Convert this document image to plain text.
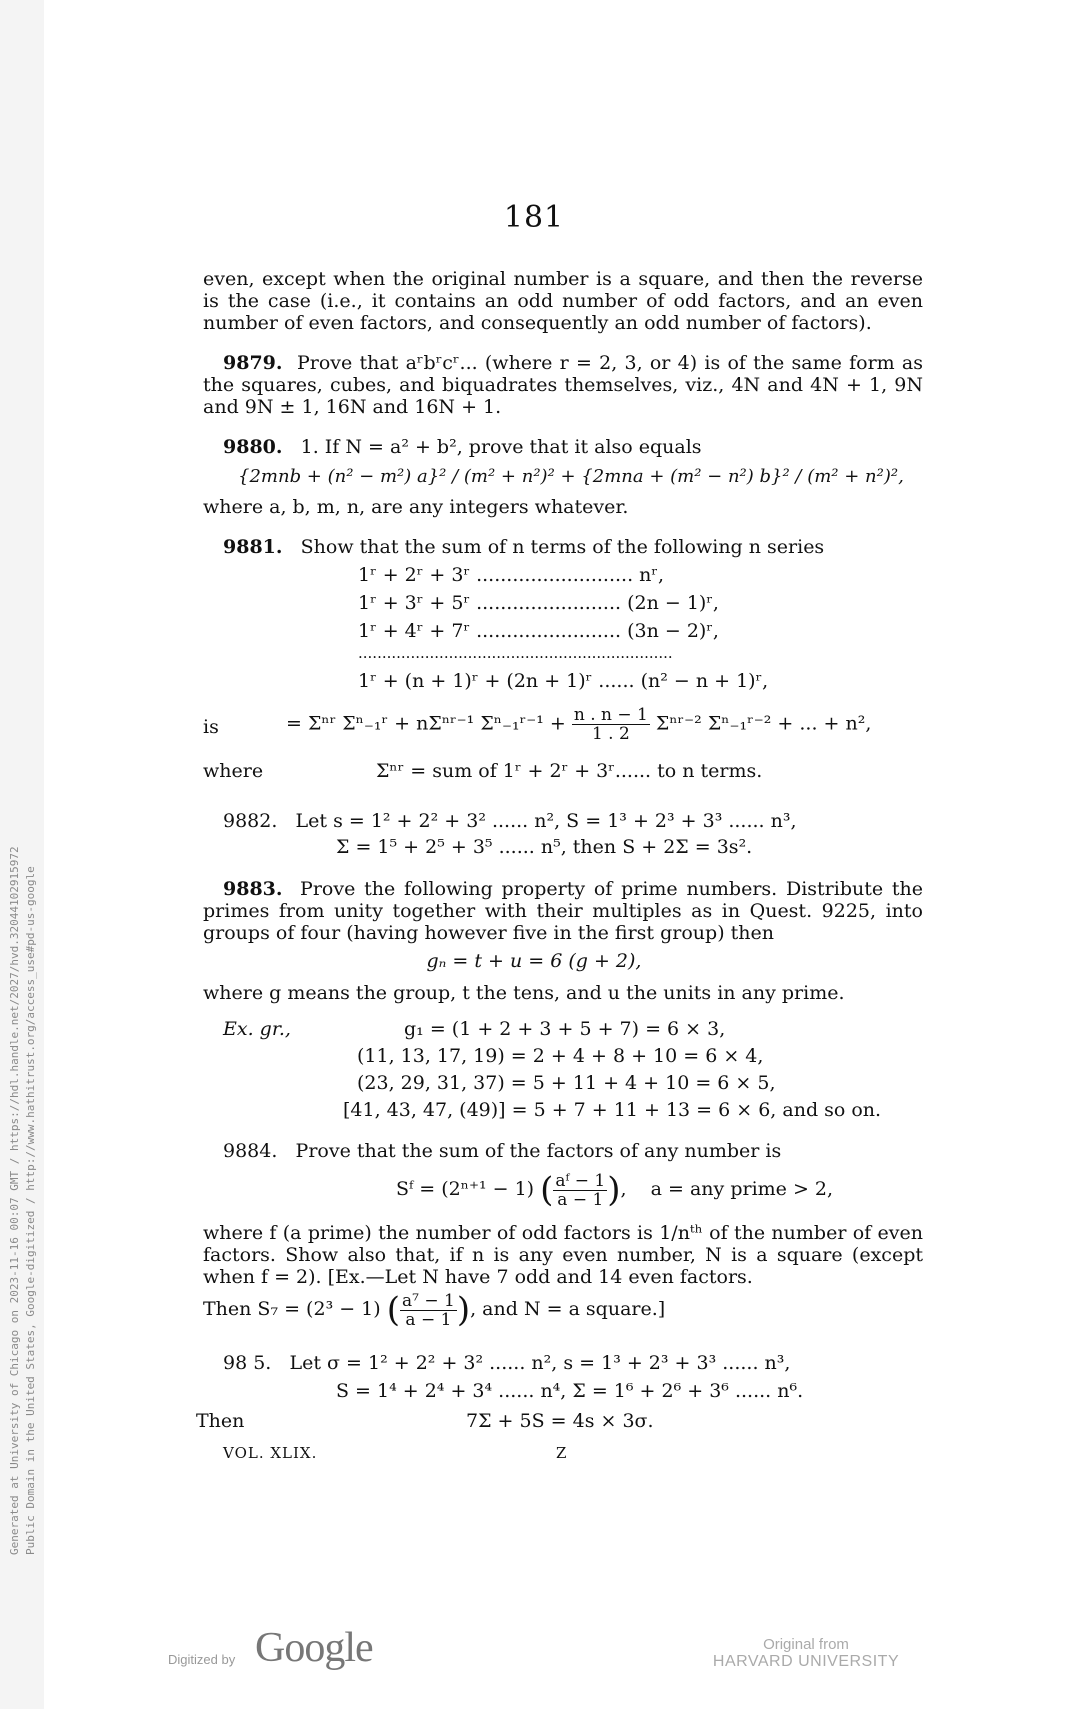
Generated at University of Chicago on 2023-11-16 00:07 GMT / https://hdl.handle.net/2027/hvd.32044102915972 Public Domain in the United States, Google-digitized / http://www.hathitrust.org/access_use#pd-us-google
181

even, except when the original number is a square, and then the reverse is the case (i.e., it contains an odd number of odd factors, and an even number of even factors, and consequently an odd number of factors).

9879. Prove that aʳbʳcʳ... (where r = 2, 3, or 4) is of the same form as the squares, cubes, and biquadrates themselves, viz., 4N and 4N + 1, 9N and 9N ± 1, 16N and 16N + 1.

9880. 1. If N = a² + b², prove that it also equals
{2mnb + (n² − m²) a}² / (m² + n²)² + {2mna + (m² − n²) b}² / (m² + n²)²,
where a, b, m, n, are any integers whatever.
9881. Show that the sum of n terms of the following n series
1ʳ + 2ʳ + 3ʳ .......................... nʳ,
1ʳ + 3ʳ + 5ʳ ........................ (2n − 1)ʳ,
1ʳ + 4ʳ + 7ʳ ........................ (3n − 2)ʳ,
..................................................................
1ʳ + (n + 1)ʳ + (2n + 1)ʳ ...... (n² − n + 1)ʳ,
is	= Σⁿʳ Σⁿ₋₁ʳ + nΣⁿʳ⁻¹ Σⁿ₋₁ʳ⁻¹ + $\frac{n . n - 1}{1 . 2}$ Σⁿʳ⁻² Σⁿ₋₁ʳ⁻² + ... + n²,
where	Σⁿʳ = sum of 1ʳ + 2ʳ + 3ʳ...... to n terms.
9882. Let s = 1² + 2² + 3² ...... n², S = 1³ + 2³ + 3³ ...... n³,
Σ = 1⁵ + 2⁵ + 3⁵ ...... n⁵, then S + 2Σ = 3s².

9883. Prove the following property of prime numbers. Distribute the primes from unity together with their multiples as in Quest. 9225, into groups of four (having however five in the first group) then

gₙ = t + u = 6 (g + 2),
where g means the group, t the tens, and u the units in any prime.
Ex. gr.,	g₁ = (1 + 2 + 3 + 5 + 7) = 6 × 3,
(11, 13, 17, 19) = 2 + 4 + 8 + 10 = 6 × 4,
(23, 29, 31, 37) = 5 + 11 + 4 + 10 = 6 × 5,
[41, 43, 47, (49)] = 5 + 7 + 11 + 13 = 6 × 6, and so on.
9884. Prove that the sum of the factors of any number is
Sᶠ = (2ⁿ⁺¹ − 1) ( $\frac{\text{aᶠ − 1}}{a - 1}$ ),    a = any prime > 2,

where f (a prime) the number of odd factors is 1/nᵗʰ of the number of even factors. Show also that, if n is any even number, N is a square (except when f = 2). [Ex.—Let N have 7 odd and 14 even factors.

Then S₇ = (2³ − 1) ( $\frac{\text{a⁷ − 1}}{a - 1}$ ), and N = a square.]
98 5. Let σ = 1² + 2² + 3² ...... n², s = 1³ + 2³ + 3³ ...... n³,
S = 1⁴ + 2⁴ + 3⁴ ...... n⁴, Σ = 1⁶ + 2⁶ + 3⁶ ...... n⁶.
Then	7Σ + 5S = 4s × 3σ.
VOL. XLIX.	Z
Digitized by Google	Original from
HARVARD UNIVERSITY
